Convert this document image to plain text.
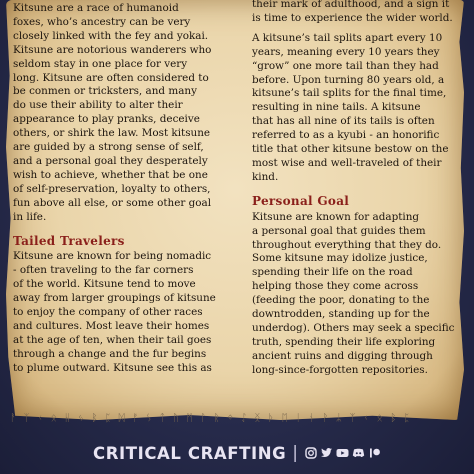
Kitsune are a race of humanoid
foxes, who’s ancestry can be very
closely linked with the fey and yokai.
Kitsune are notorious wanderers who
seldom stay in one place for very
long. Kitsune are often considered to
be conmen or tricksters, and many
do use their ability to alter their
appearance to play pranks, deceive
others, or shirk the law. Most kitsune
are guided by a strong sense of self,
and a personal goal they desperately
wish to achieve, whether that be one
of self-preservation, loyalty to others,
fun above all else, or some other goal
in life.

Tailed Travelers

Kitsune are known for being nomadic
- often traveling to the far corners
of the world. Kitsune tend to move
away from larger groupings of kitsune
to enjoy the company of other races
and cultures. Most leave their homes
at the age of ten, when their tail goes
through a change and the fur begins
to plume outward. Kitsune see this as

their mark of adulthood, and a sign it
is time to experience the wider world.

A kitsune’s tail splits apart every 10
years, meaning every 10 years they
“grow” one more tail than they had
before. Upon turning 80 years old, a
kitsune’s tail splits for the final time,
resulting in nine tails. A kitsune
that has all nine of its tails is often
referred to as a kyubi - an honorific
title that other kitsune bestow on the
most wise and well-traveled of their
kind.

Personal Goal

Kitsune are known for adapting
a personal goal that guides them
throughout everything that they do.
Some kitsune may idolize justice,
spending their life on the road
helping those they come across
(feeding the poor, donating to the
downtrodden, standing up for the
underdog). Others may seek a specific
truth, spending their life exploring
ancient ruins and digging through
long-since-forgotten repositories.

ᚨ ᛉ ᚲ ᛟ ᚺ ᛃ ᛒ ᛈ ᛞ ᚠ ᛊ ᛏ ᚢ ᛗ ᛚ ᚱ ᛜ ᛇ ᛝ ᚦ ᛖ ᛁ ᚾ ᚹ ᛦ ᛉ ᚲ ᛟ ᛒ ᛈ
CRITICAL CRAFTING |
